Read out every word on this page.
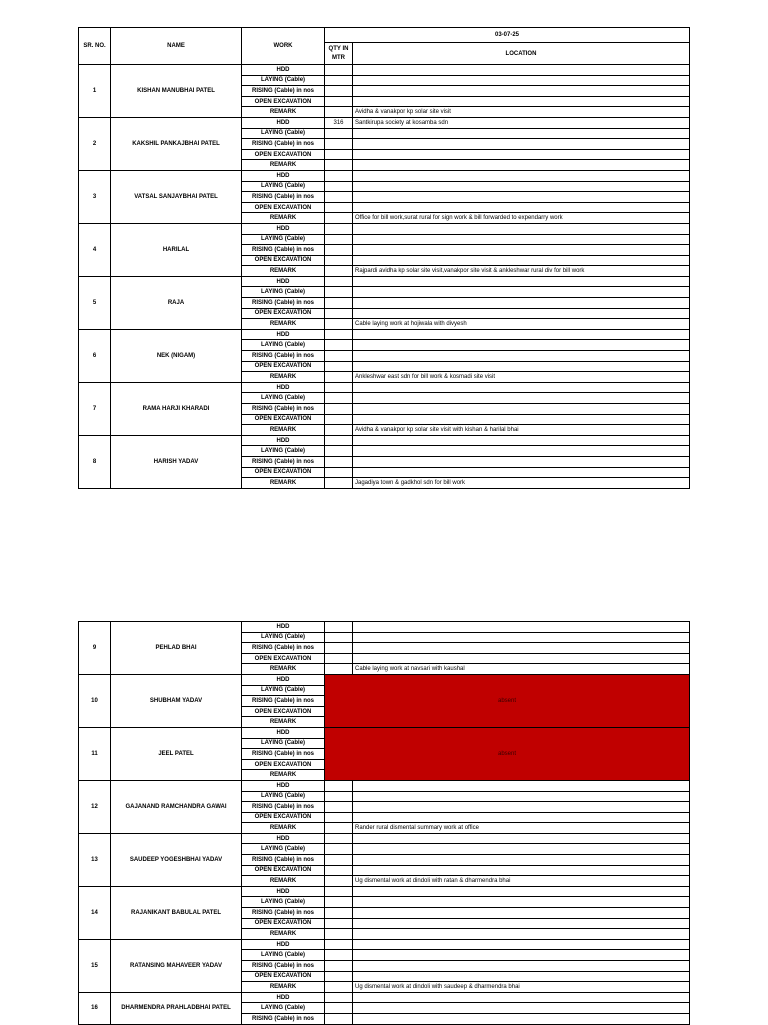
SR. NO.	NAME	WORK	03-07-25	
			QTY IN MTR	LOCATION
1	KISHAN MANUBHAI PATEL	HDD		
		LAYING (Cable)		
		RISING (Cable) in nos		
		OPEN EXCAVATION		
		REMARK		Avidha & vanakpor kp solar site visit
2	KAKSHIL PANKAJBHAI PATEL	HDD	316	Santkirupa society at kosamba sdn
		LAYING (Cable)		
		RISING (Cable) in nos		
		OPEN EXCAVATION		
		REMARK		
3	VATSAL SANJAYBHAI PATEL	HDD		
		LAYING (Cable)		
		RISING (Cable) in nos		
		OPEN EXCAVATION		
		REMARK		Office for bill work,surat rural for sign work & bill forwarded to expendarry work
4	HARILAL	HDD		
		LAYING (Cable)		
		RISING (Cable) in nos		
		OPEN EXCAVATION		
		REMARK		Rajpardi avidha kp solar site visit,vanakpor site visit & ankleshwar rural div for bill work
5	RAJA	HDD		
		LAYING (Cable)		
		RISING (Cable) in nos		
		OPEN EXCAVATION		
		REMARK		Cable laying work at hojiwala with divyesh
6	NEK (NIGAM)	HDD		
		LAYING (Cable)		
		RISING (Cable) in nos		
		OPEN EXCAVATION		
		REMARK		Ankleshwar east sdn for bill work & kosmadi site visit
7	RAMA HARJI KHARADI	HDD		
		LAYING (Cable)		
		RISING (Cable) in nos		
		OPEN EXCAVATION		
		REMARK		Avidha & vanakpor kp solar site visit with kishan & harilal bhai
8	HARISH YADAV	HDD		
		LAYING (Cable)		
		RISING (Cable) in nos		
		OPEN EXCAVATION		
		REMARK		Jagadiya town & gadkhol sdn for bill work
9	PEHLAD BHAI	HDD		
		LAYING (Cable)		
		RISING (Cable) in nos		
		OPEN EXCAVATION		
		REMARK		Cable laying work at navsari with kaushal
10	SHUBHAM YADAV	HDD	absent	
		LAYING (Cable)		
		RISING (Cable) in nos		
		OPEN EXCAVATION		
		REMARK		
11	JEEL PATEL	HDD	absent	
		LAYING (Cable)		
		RISING (Cable) in nos		
		OPEN EXCAVATION		
		REMARK		
12	GAJANAND RAMCHANDRA GAWAI	HDD		
		LAYING (Cable)		
		RISING (Cable) in nos		
		OPEN EXCAVATION		
		REMARK		Rander rural dismental summary work at office
13	SAUDEEP YOGESHBHAI YADAV	HDD		
		LAYING (Cable)		
		RISING (Cable) in nos		
		OPEN EXCAVATION		
		REMARK		Ug dismental work at dindoli with ratan & dharmendra bhai
14	RAJANIKANT BABULAL PATEL	HDD		
		LAYING (Cable)		
		RISING (Cable) in nos		
		OPEN EXCAVATION		
		REMARK		
15	RATANSING MAHAVEER YADAV	HDD		
		LAYING (Cable)		
		RISING (Cable) in nos		
		OPEN EXCAVATION		
		REMARK		Ug dismental work at dindoli with saudeep & dharmendra bhai
16	DHARMENDRA PRAHLADBHAI PATEL	HDD		
		LAYING (Cable)		
		RISING (Cable) in nos		
